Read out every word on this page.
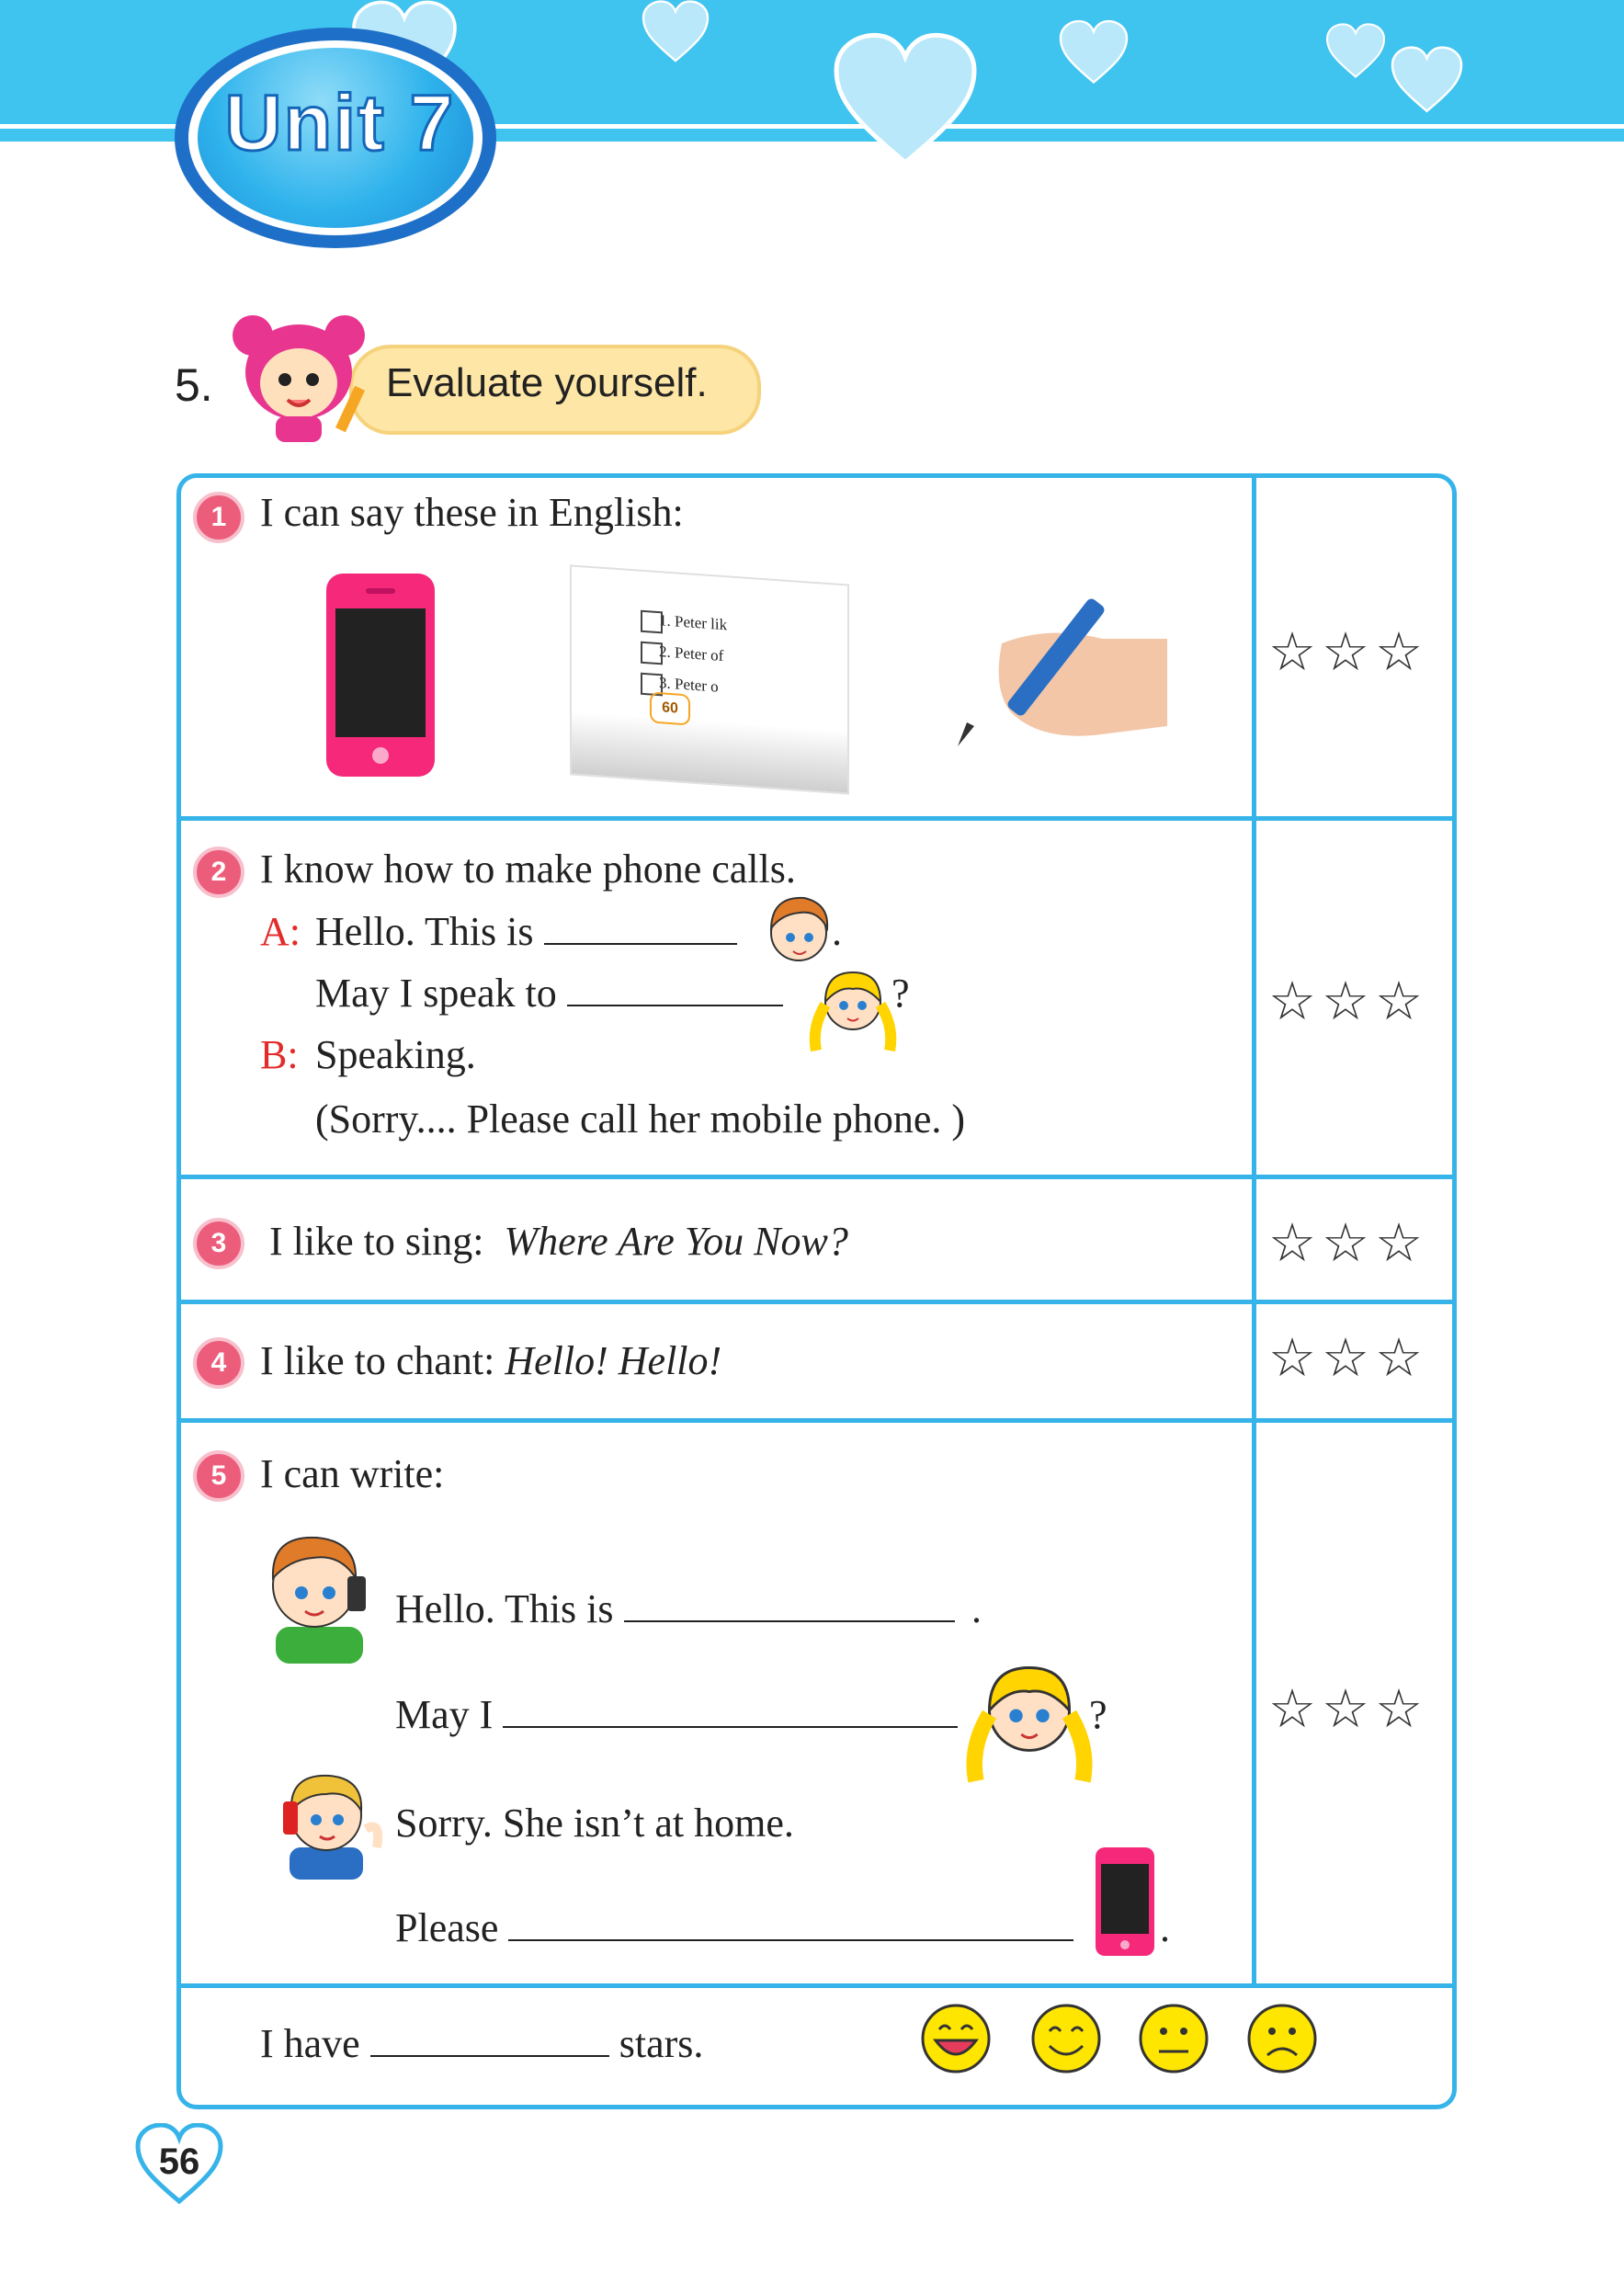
Unit 7
5.	Evaluate yourself.
1 I can say these in English:
1. Peter lik
2. Peter of
3. Peter o
60
☆☆☆
2 I know how to make phone calls.
A: Hello. This is	.
May I speak to	?
B: Speaking.
(Sorry.... Please call her mobile phone. )
☆☆☆
3	I like to sing: Where Are You Now?	☆☆☆
4 I like to chant: Hello! Hello!	☆☆☆
5 I can write:
Hello. This is	.
May I	?
Sorry. She isn’t at home.
Please	.
☆☆☆
I have	stars.
56
